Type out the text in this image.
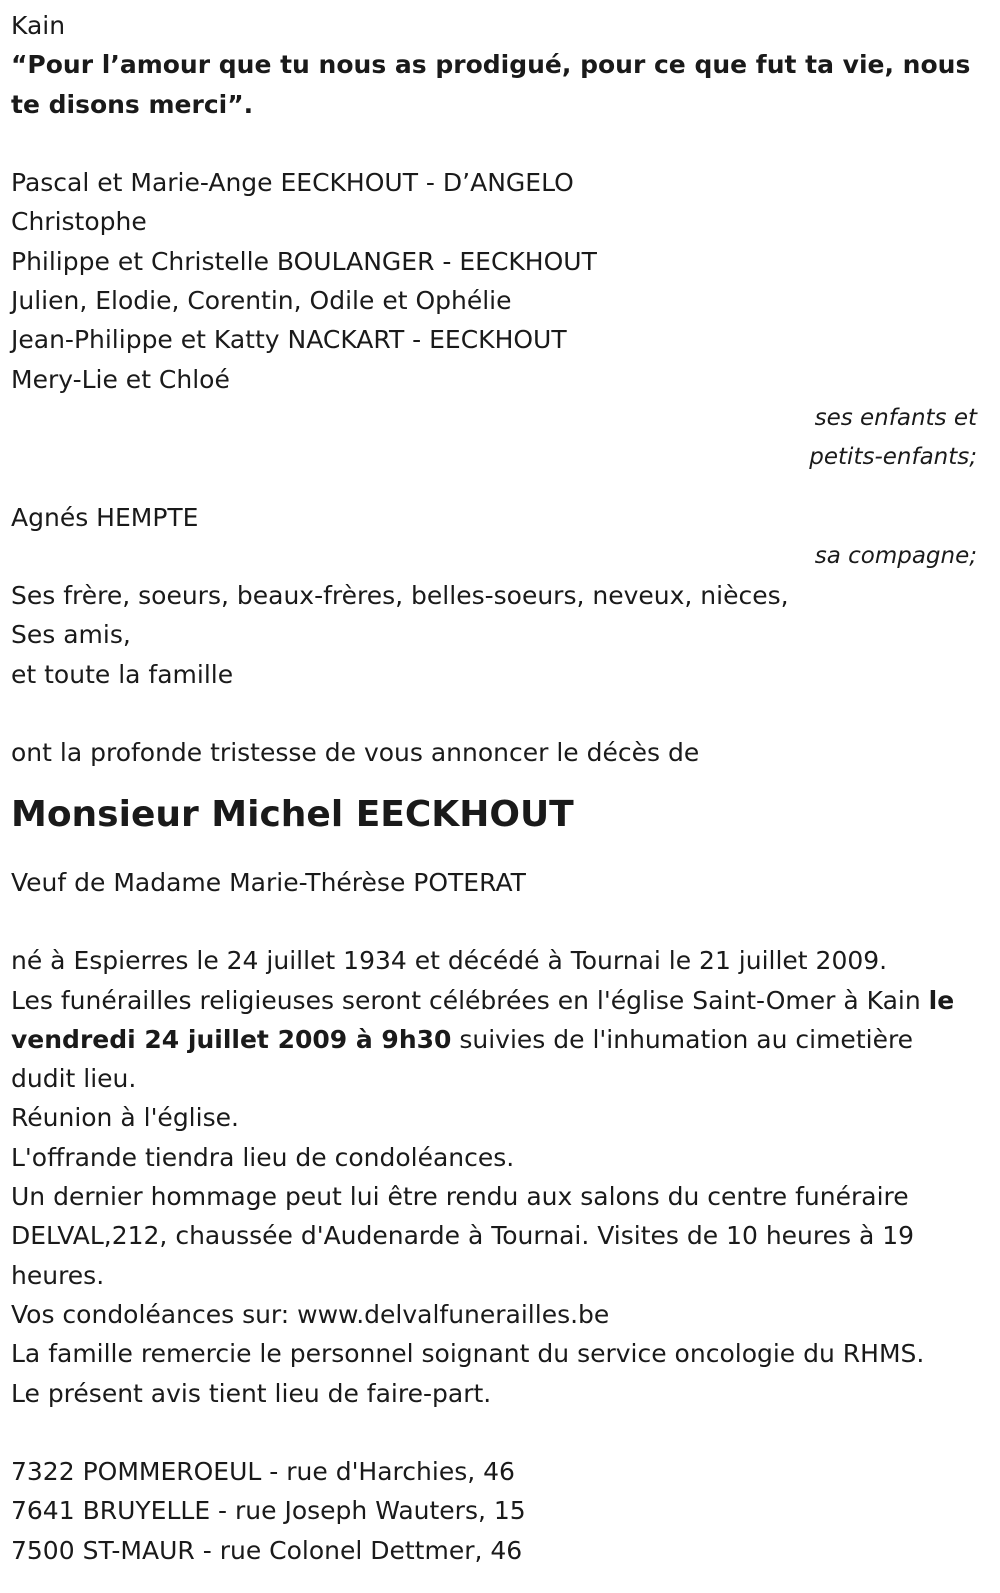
Kain
“Pour l’amour que tu nous as prodigué, pour ce que fut ta vie, nous te disons merci”.
Pascal et Marie-Ange EECKHOUT - D’ANGELO
Christophe
Philippe et Christelle BOULANGER - EECKHOUT
Julien, Elodie, Corentin, Odile et Ophélie
Jean-Philippe et Katty NACKART - EECKHOUT
Mery-Lie et Chloé
ses enfants et
petits-enfants;
Agnés HEMPTE
sa compagne;
Ses frère, soeurs, beaux-frères, belles-soeurs, neveux, nièces,
Ses amis,
et toute la famille
ont la profonde tristesse de vous annoncer le décès de
Monsieur Michel EECKHOUT
Veuf de Madame Marie-Thérèse POTERAT
né à Espierres le 24 juillet 1934 et décédé à Tournai le 21 juillet 2009.
Les funérailles religieuses seront célébrées en l'église Saint-Omer à Kain le vendredi 24 juillet 2009 à 9h30 suivies de l'inhumation au cimetière dudit lieu.
Réunion à l'église.
L'offrande tiendra lieu de condoléances.
Un dernier hommage peut lui être rendu aux salons du centre funéraire DELVAL,212, chaussée d'Audenarde à Tournai. Visites de 10 heures à 19 heures.
Vos condoléances sur: www.delvalfunerailles.be
La famille remercie le personnel soignant du service oncologie du RHMS.
Le présent avis tient lieu de faire-part.
7322 POMMEROEUL - rue d'Harchies, 46
7641 BRUYELLE - rue Joseph Wauters, 15
7500 ST-MAUR - rue Colonel Dettmer, 46
